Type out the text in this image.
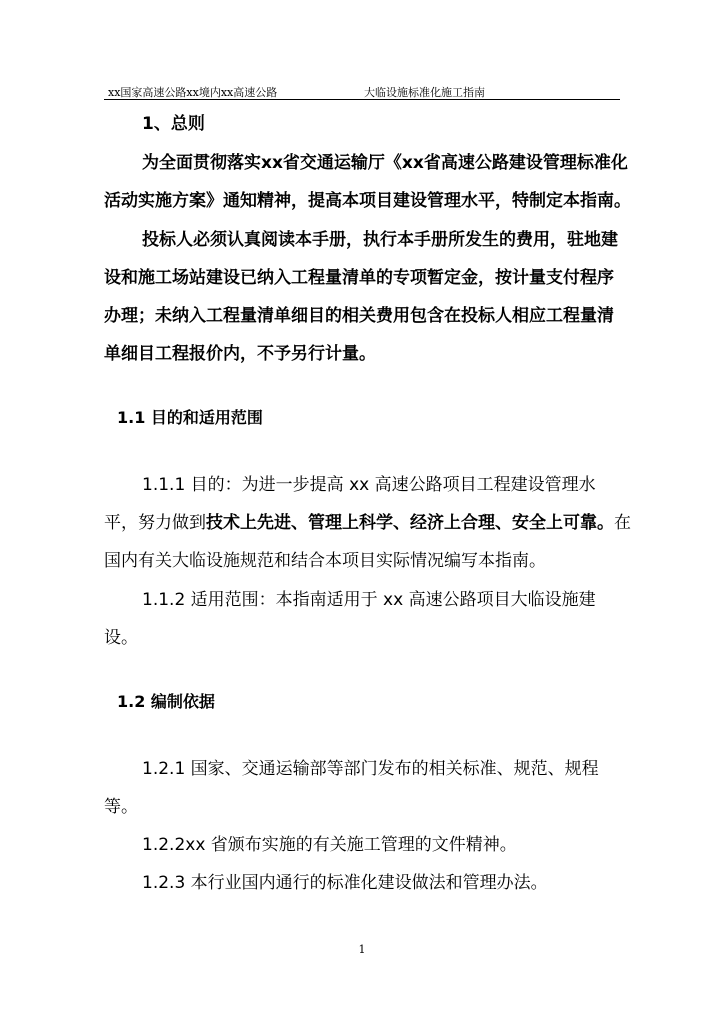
xx国家高速公路xx境内xx高速公路	大临设施标准化施工指南
1、总则
为全面贯彻落实xx省交通运输厅《xx省高速公路建设管理标准化
活动实施方案》通知精神，提高本项目建设管理水平，特制定本指南。
投标人必须认真阅读本手册，执行本手册所发生的费用，驻地建
设和施工场站建设已纳入工程量清单的专项暂定金，按计量支付程序
办理；未纳入工程量清单细目的相关费用包含在投标人相应工程量清
单细目工程报价内，不予另行计量。
1.1 目的和适用范围
1.1.1 目的：为进一步提高 xx 高速公路项目工程建设管理水
平，努力做到技术上先进、管理上科学、经济上合理、安全上可靠。在
国内有关大临设施规范和结合本项目实际情况编写本指南。
1.1.2 适用范围：本指南适用于 xx 高速公路项目大临设施建
设。
1.2 编制依据
1.2.1 国家、交通运输部等部门发布的相关标准、规范、规程
等。
1.2.2xx 省颁布实施的有关施工管理的文件精神。
1.2.3 本行业国内通行的标准化建设做法和管理办法。
1
